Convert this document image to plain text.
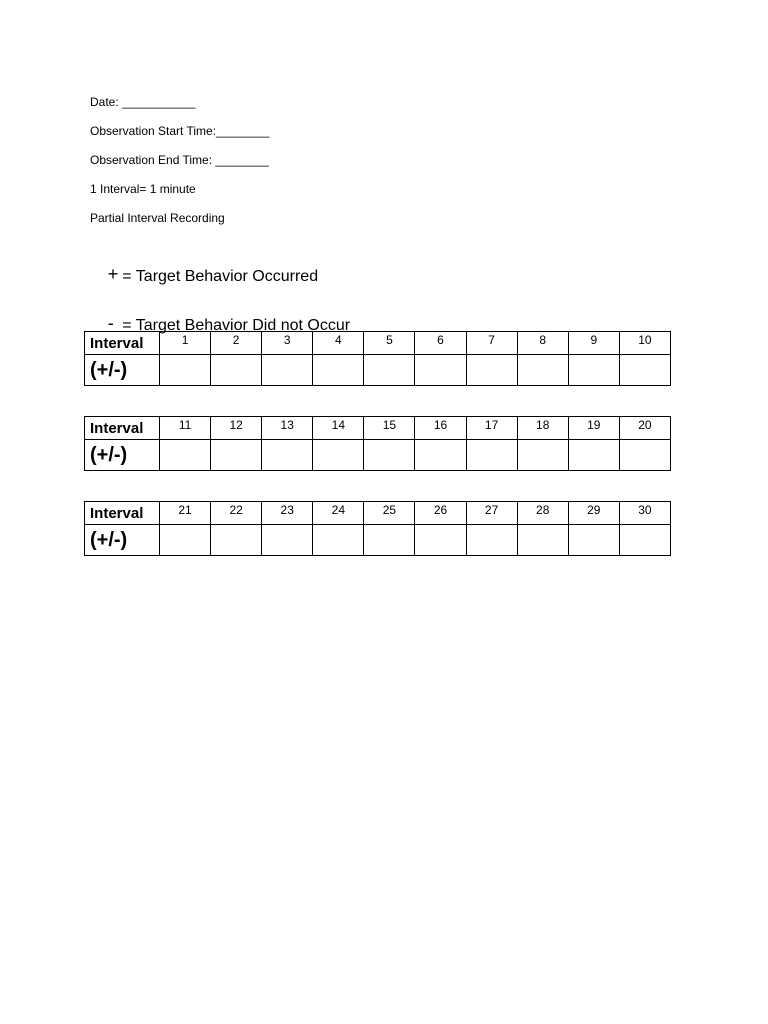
Date: ___________
Observation Start Time:________
Observation End Time: ________
1 Interval= 1 minute
Partial Interval Recording

+ = Target Behavior Occurred

- = Target Behavior Did not Occur

Interval	1	2	3	4	5	6	7	8	9	10
(+/-)										
Interval	11	12	13	14	15	16	17	18	19	20
(+/-)										
Interval	21	22	23	24	25	26	27	28	29	30
(+/-)										
